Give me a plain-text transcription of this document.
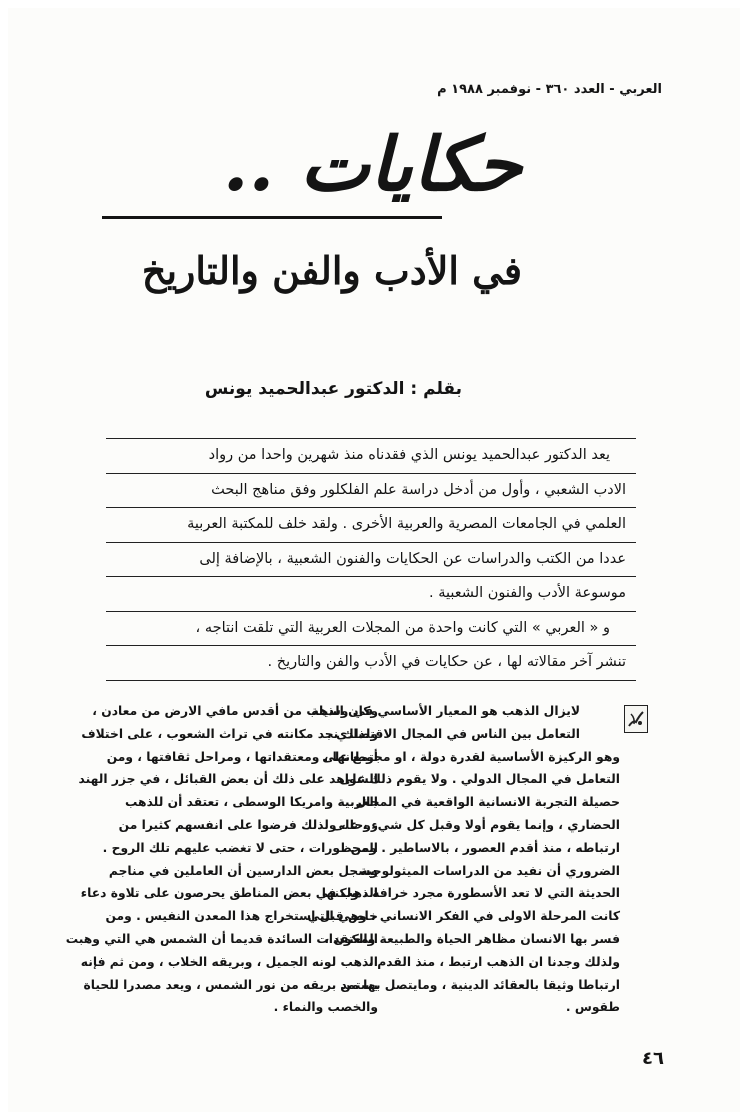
العربي - العدد ٣٦٠ - نوفمبر ١٩٨٨ م
حكايات ..
في الأدب والفن والتاريخ
بقلم : الدكتور عبدالحميد يونس
يعد الدكتور عبدالحميد يونس الذي فقدناه منذ شهرين واحدا من رواد
الادب الشعبي ، وأول من أدخل دراسة علم الفلكلور وفق مناهج البحث
العلمي في الجامعات المصرية والعربية الأخرى . ولقد خلف للمكتبة العربية
عددا من الكتب والدراسات عن الحكايات والفنون الشعبية ، بالإضافة إلى
موسوعة الأدب والفنون الشعبية .
و « العربي » التي كانت واحدة من المجلات العربية التي تلقت انتاجه ،
تنشر آخر مقالاته لها ، عن حكايات في الأدب والفن والتاريخ .
لايزال الذهب هو المعيار الأساسي في وسيلة
التعامل بين الناس في المجال الاقتصادي ،
وهو الركيزة الأساسية لقدرة دولة ، او مجتمع على
التعامل في المجال الدولي . ولا يقوم ذلك على
حصيلة التجربة الانسانية الواقعية في المجال
الحضاري ، وإنما يقوم أولا وقبل كل شيء ، على
ارتباطه ، منذ أقدم العصور ، بالاساطير . ومن
الضروري أن نفيد من الدراسات الميثولوجية
الحديثة التي لا تعد الأسطورة مجرد خرافة ، ولكنها
كانت المرحلة الاولى في الفكر الانساني ، وهي التي
فسر بها الانسان مظاهر الحياة والطبيعة والكون ،
ولذلك وجدنا ان الذهب ارتبط ، منذ القدم ،
ارتباطا وثيقا بالعقائد الدينية ، ومايتصل بها من
طقوس .
وكان الذهب من أقدس مافي الارض من معادن ،
ولذلك نجد مكانته في تراث الشعوب ، على اختلاف
أوطانها ، ومعتقداتها ، ومراحل ثقافتها ، ومن
الشواهد على ذلك أن بعض القبائل ، في جزر الهند
الغربية وامريكا الوسطى ، تعتقد أن للذهب
روحا ، ولذلك فرضوا على انفسهم كثيرا من
المحظورات ، حتى لا تغضب عليهم تلك الروح .
وسجل بعض الدارسين أن العاملين في مناجم
الذهب في بعض المناطق يحرصون على تلاوة دعاء
خاص قبل استخراج هذا المعدن النفيس . ومن
المعتقدات السائدة قديما أن الشمس هي التي وهبت
الذهب لونه الجميل ، وبريقه الخلاب ، ومن ثم فإنه
يستمد بريقه من نور الشمس ، ويعد مصدرا للحياة
والخصب والنماء .
٤٦
